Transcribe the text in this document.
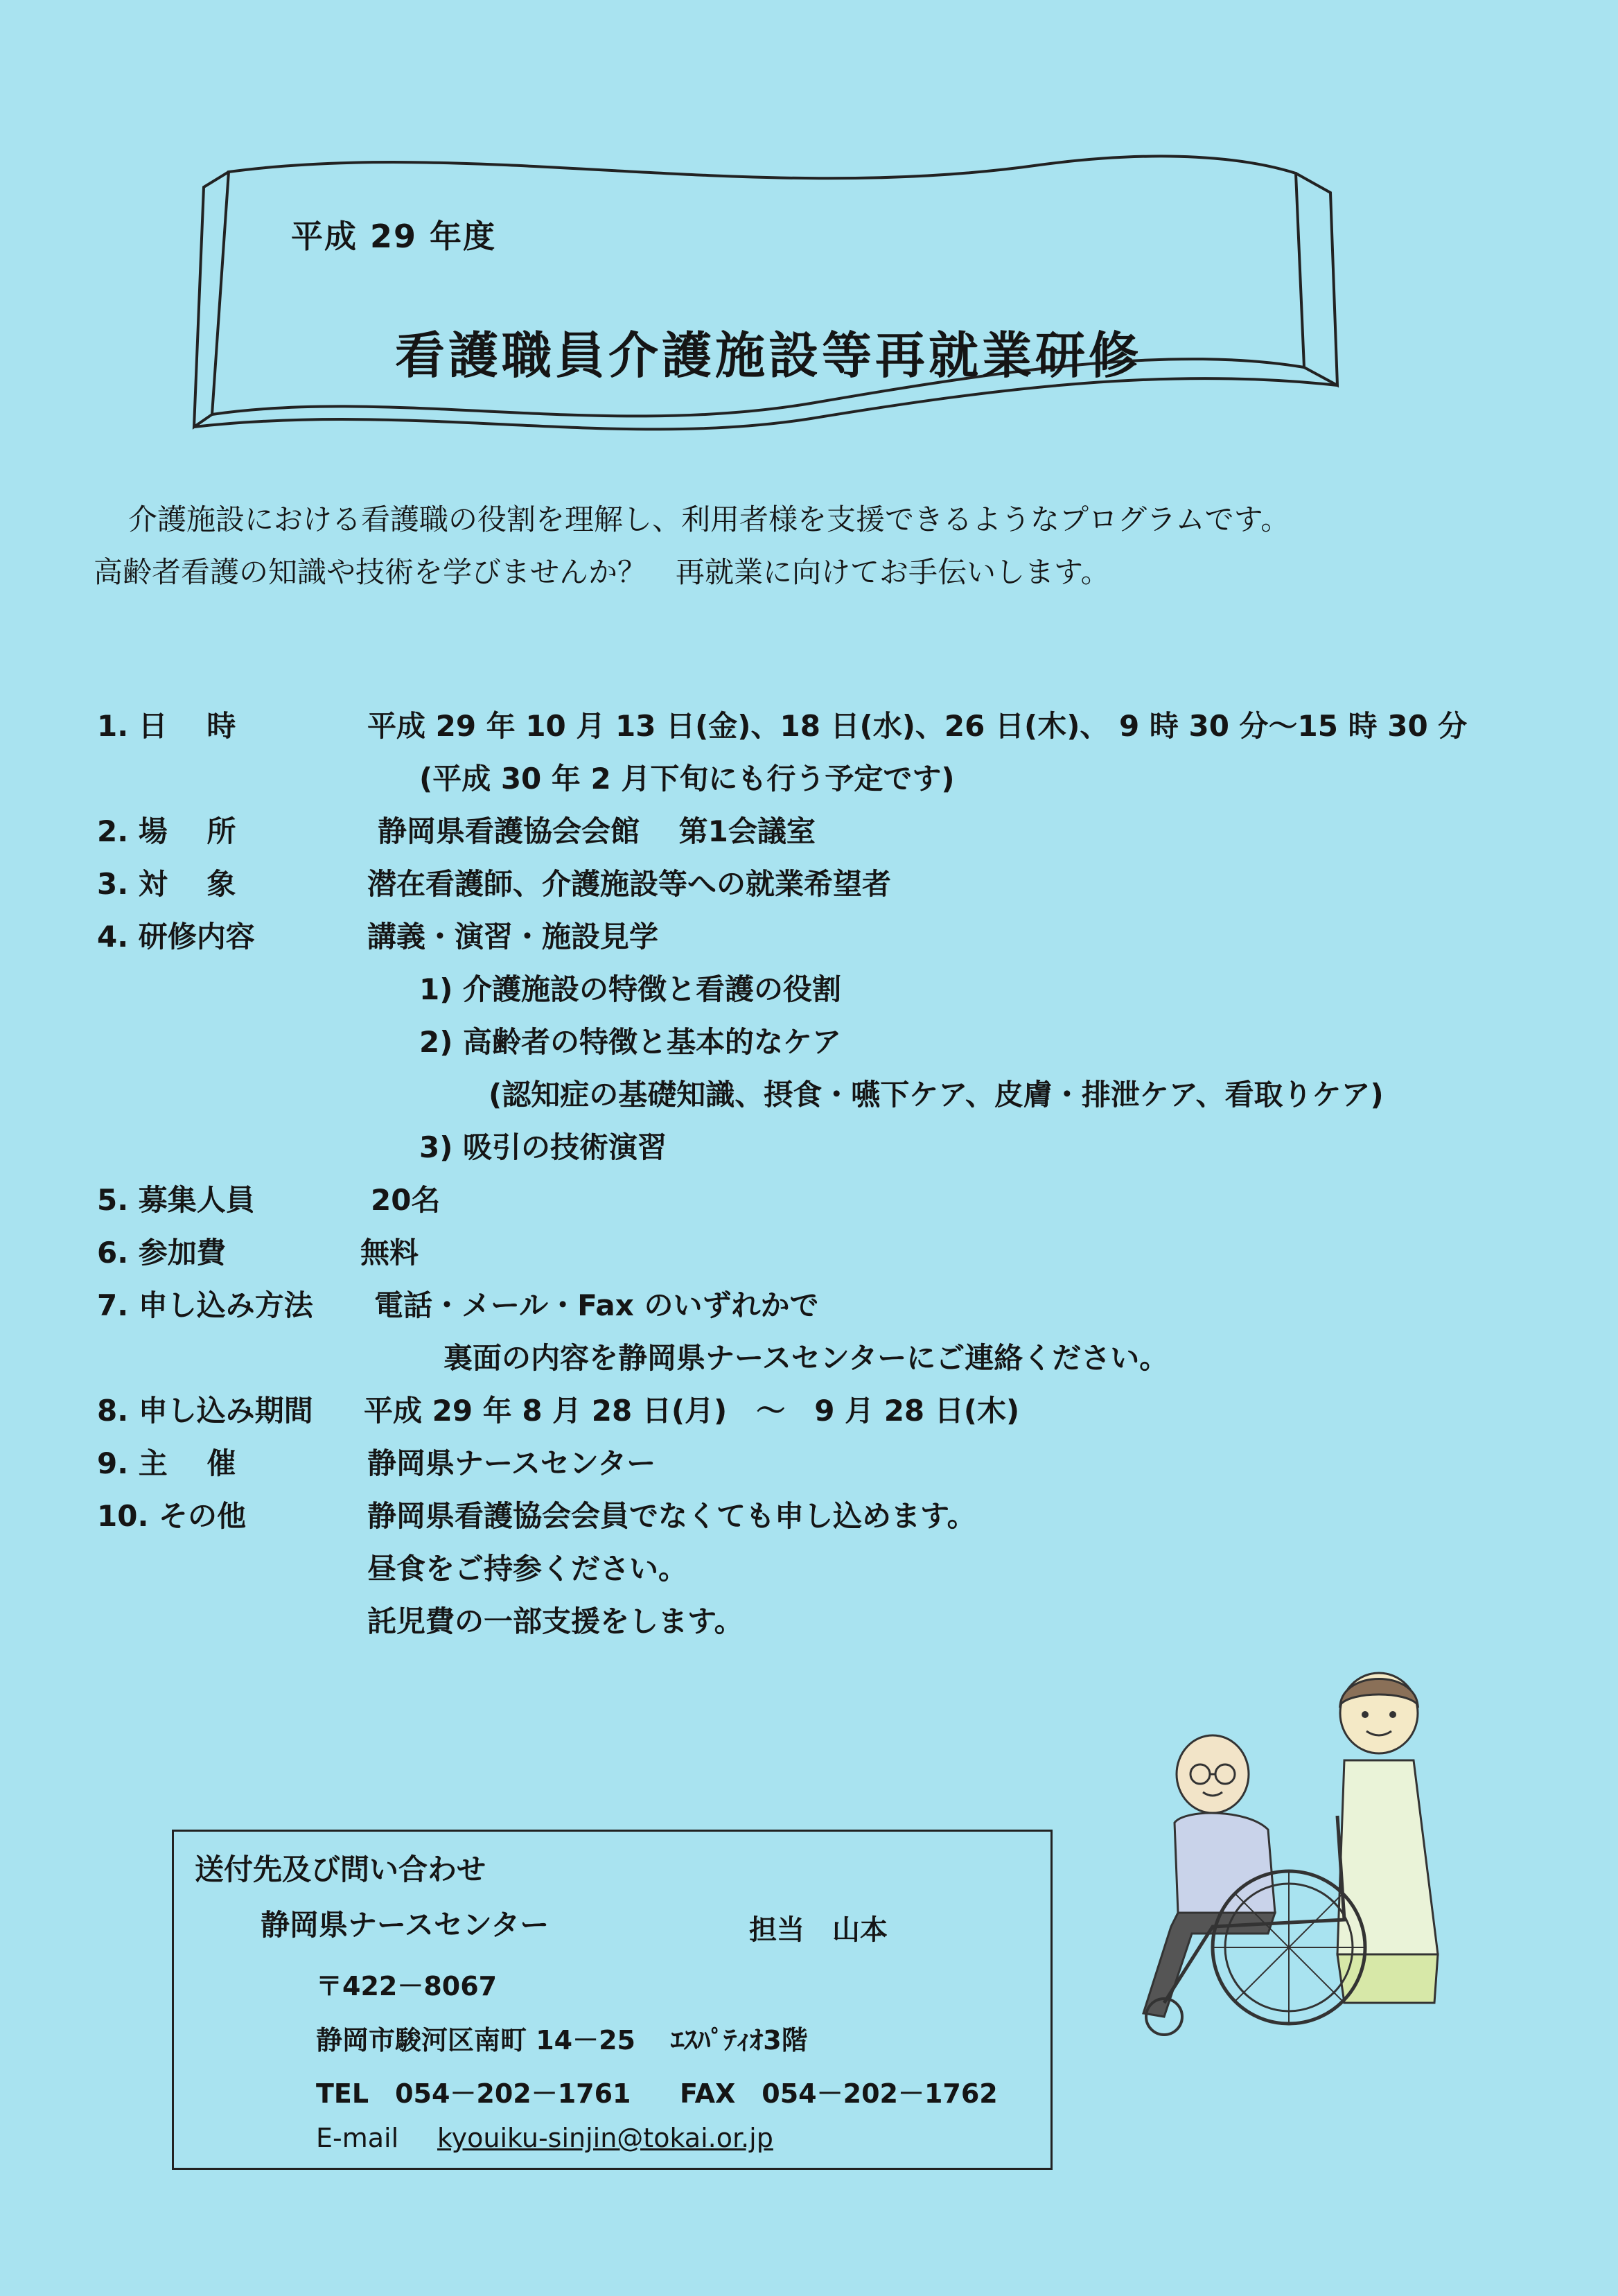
平成 29 年度
看護職員介護施設等再就業研修
介護施設における看護職の役割を理解し、利用者様を支援できるようなプログラムです。
高齢者看護の知識や技術を学びませんか？　再就業に向けてお手伝いします。
1. 日　 時	平成 29 年 10 月 13 日(金)、18 日(水)、26 日(木)、 9 時 30 分～15 時 30 分
(平成 30 年 2 月下旬にも行う予定です)
2. 場　 所	静岡県看護協会会館　 第1会議室
3. 対　 象	潜在看護師、介護施設等への就業希望者
4. 研修内容	講義・演習・施設見学
1) 介護施設の特徴と看護の役割
2) 高齢者の特徴と基本的なケア
(認知症の基礎知識、摂食・嚥下ケア、皮膚・排泄ケア、看取りケア)
3) 吸引の技術演習
5. 募集人員	20名
6. 参加費	無料
7. 申し込み方法 電話・メール・Fax のいずれかで
裏面の内容を静岡県ナースセンターにご連絡ください。
8. 申し込み期間 平成 29 年 8 月 28 日(月)　～　9 月 28 日(木)
9. 主　 催	静岡県ナースセンター
10. その他	静岡県看護協会会員でなくても申し込めます。
昼食をご持参ください。
託児費の一部支援をします。
送付先及び問い合わせ
静岡県ナースセンター	担当　山本
〒422－8067
静岡市駿河区南町 14－25　 ｴｽﾊﾟﾃｨｵ3階
TEL　054－202－1761 FAX　054－202－1762
E-mail kyouiku-sinjin@tokai.or.jp
